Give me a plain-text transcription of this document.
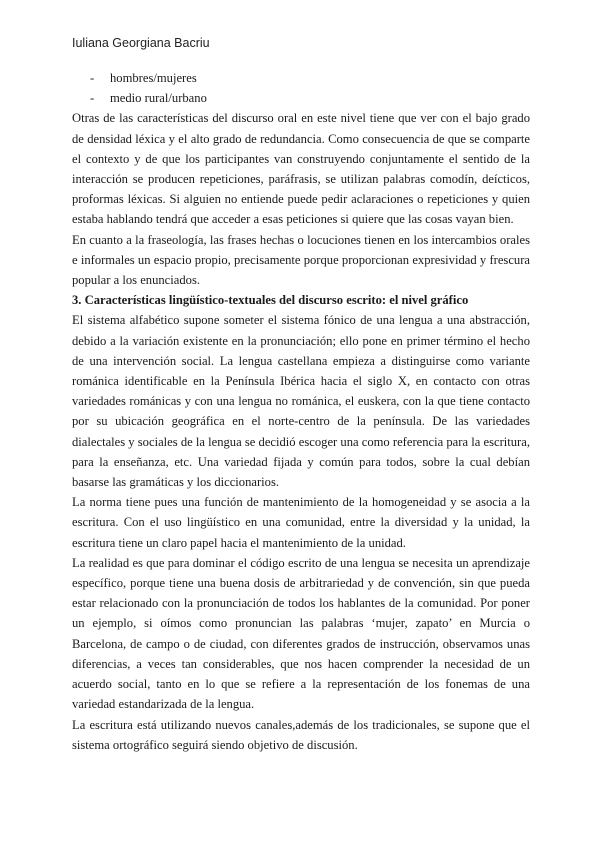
Iuliana Georgiana Bacriu
-	hombres/mujeres
-	medio rural/urbano

Otras de las características del discurso oral en este nivel tiene que ver con el bajo grado de densidad léxica y el alto grado de redundancia. Como consecuencia de que se comparte el contexto y de que los participantes van construyendo conjuntamente el sentido de la interacción se producen repeticiones, paráfrasis, se utilizan palabras comodín, deícticos, proformas léxicas. Si alguien no entiende puede pedir aclaraciones o repeticiones y quien estaba hablando tendrá que acceder a esas peticiones si quiere que las cosas vayan bien.

En cuanto a la fraseología, las frases hechas o locuciones tienen en los intercambios orales e informales un espacio propio, precisamente porque proporcionan expresividad y frescura popular a los enunciados.

3. Características lingüístico-textuales del discurso escrito: el nivel gráfico

El sistema alfabético supone someter el sistema fónico de una lengua a una abstracción, debido a la variación existente en la pronunciación; ello pone en primer término el hecho de una intervención social. La lengua castellana empieza a distinguirse como variante románica identificable en la Península Ibérica hacia el siglo X, en contacto con otras variedades románicas y con una lengua no románica, el euskera, con la que tiene contacto por su ubicación geográfica en el norte-centro de la península. De las variedades dialectales y sociales de la lengua se decidió escoger una como referencia para la escritura, para la enseñanza, etc. Una variedad fijada y común para todos, sobre la cual debían basarse las gramáticas y los diccionarios.

La norma tiene pues una función de mantenimiento de la homogeneidad y se asocia a la escritura. Con el uso lingüístico en una comunidad, entre la diversidad y la unidad, la escritura tiene un claro papel hacia el mantenimiento de la unidad.

La realidad es que para dominar el código escrito de una lengua se necesita un aprendizaje específico, porque tiene una buena dosis de arbitrariedad y de convención, sin que pueda estar relacionado con la pronunciación de todos los hablantes de la comunidad. Por poner un ejemplo, si oímos como pronuncian las palabras ‘mujer, zapato’ en Murcia o Barcelona, de campo o de ciudad, con diferentes grados de instrucción, observamos unas diferencias, a veces tan considerables, que nos hacen comprender la necesidad de un acuerdo social, tanto en lo que se refiere a la representación de los fonemas de una variedad estandarizada de la lengua.

La escritura está utilizando nuevos canales,además de los tradicionales, se supone que el sistema ortográfico seguirá siendo objetivo de discusión.
